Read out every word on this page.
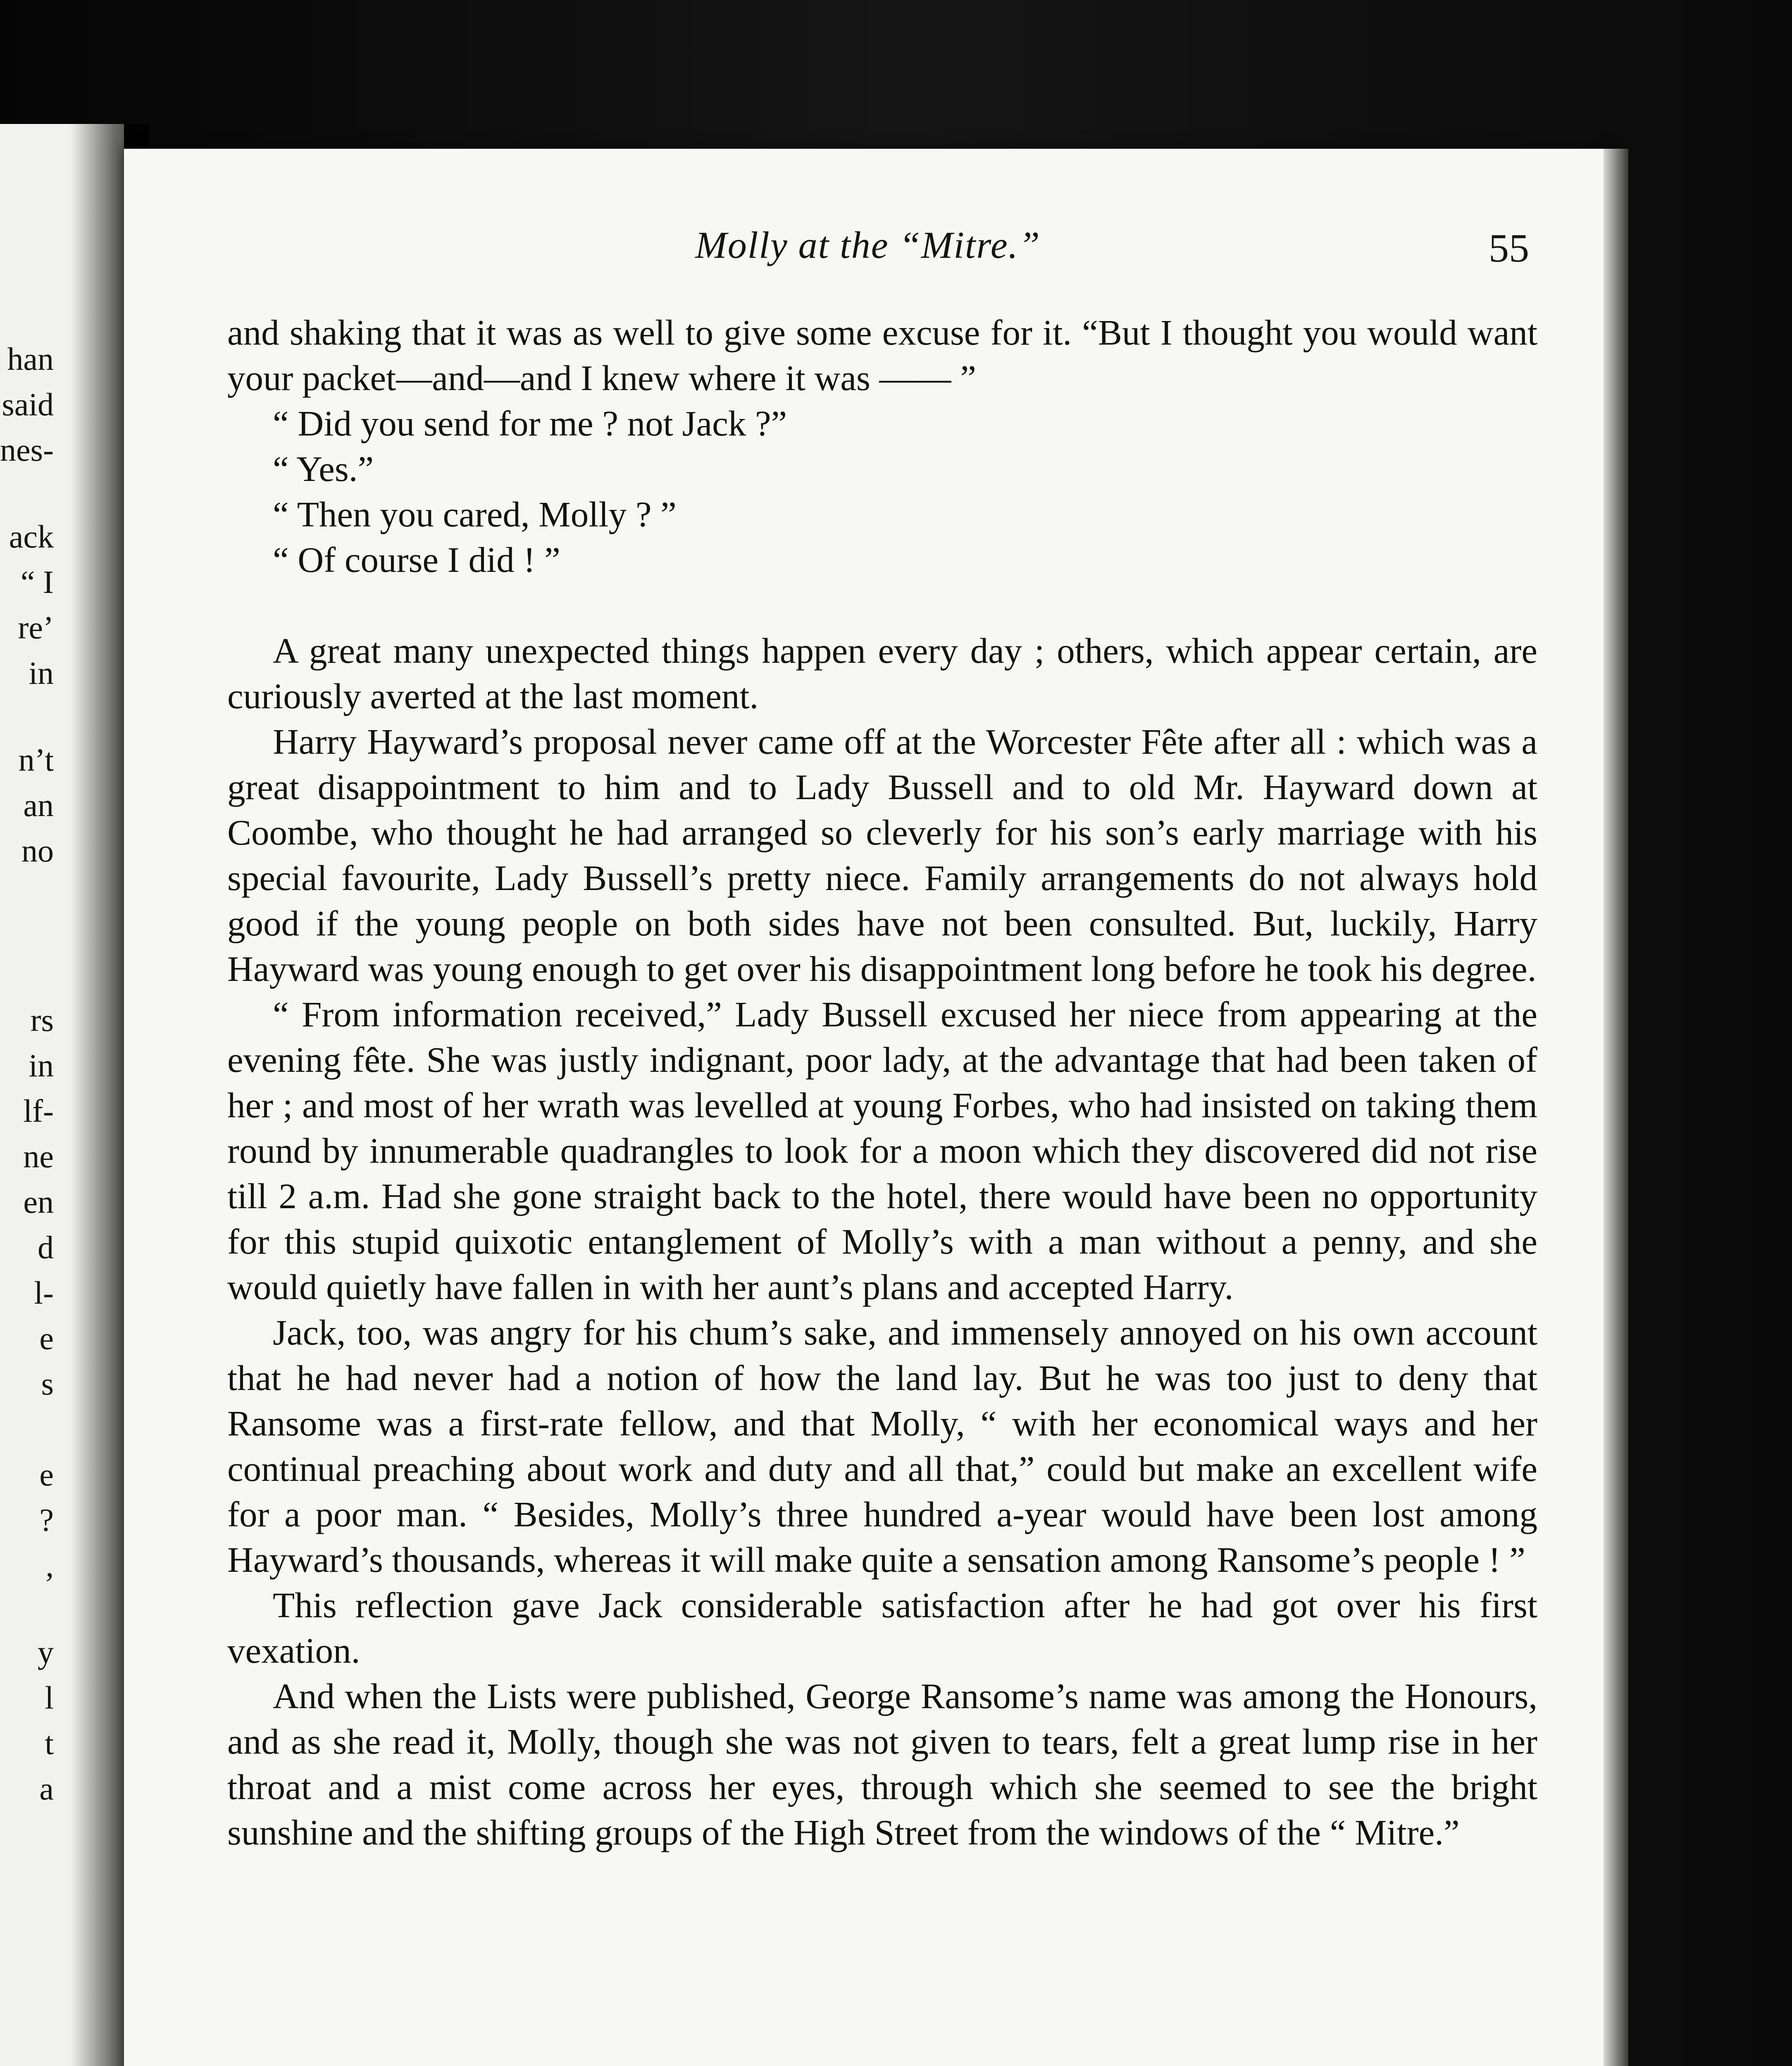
han
said
nes-
ack
“ I
re’
in
n’t
an
no
rs
in
lf-
ne
en
d
l-
e
s
e
?
,
y
l
t
a
Molly at the “Mitre.”	55

and shaking that it was as well to give some excuse for it. “But I thought you would want your packet—and—and I knew where it was —— ”

“ Did you send for me ? not Jack ?”

“ Yes.”

“ Then you cared, Molly ? ”

“ Of course I did ! ”

A great many unexpected things happen every day ; others, which appear certain, are curiously averted at the last moment.

Harry Hayward’s proposal never came off at the Worcester Fête after all : which was a great disappointment to him and to Lady Bussell and to old Mr. Hayward down at Coombe, who thought he had arranged so cleverly for his son’s early marriage with his special favourite, Lady Bussell’s pretty niece. Family arrangements do not always hold good if the young people on both sides have not been consulted. But, luckily, Harry Hayward was young enough to get over his disappointment long before he took his degree.

“ From information received,” Lady Bussell excused her niece from appearing at the evening fête. She was justly indignant, poor lady, at the advantage that had been taken of her ; and most of her wrath was levelled at young Forbes, who had insisted on taking them round by innumerable quadrangles to look for a moon which they discovered did not rise till 2 a.m. Had she gone straight back to the hotel, there would have been no opportunity for this stupid quixotic entanglement of Molly’s with a man without a penny, and she would quietly have fallen in with her aunt’s plans and accepted Harry.

Jack, too, was angry for his chum’s sake, and immensely annoyed on his own account that he had never had a notion of how the land lay. But he was too just to deny that Ransome was a first-rate fellow, and that Molly, “ with her economical ways and her continual preaching about work and duty and all that,” could but make an excellent wife for a poor man. “ Besides, Molly’s three hundred a-year would have been lost among Hayward’s thousands, whereas it will make quite a sensation among Ransome’s people ! ”

This reflection gave Jack considerable satisfaction after he had got over his first vexation.

And when the Lists were published, George Ransome’s name was among the Honours, and as she read it, Molly, though she was not given to tears, felt a great lump rise in her throat and a mist come across her eyes, through which she seemed to see the bright sunshine and the shifting groups of the High Street from the windows of the “ Mitre.”
